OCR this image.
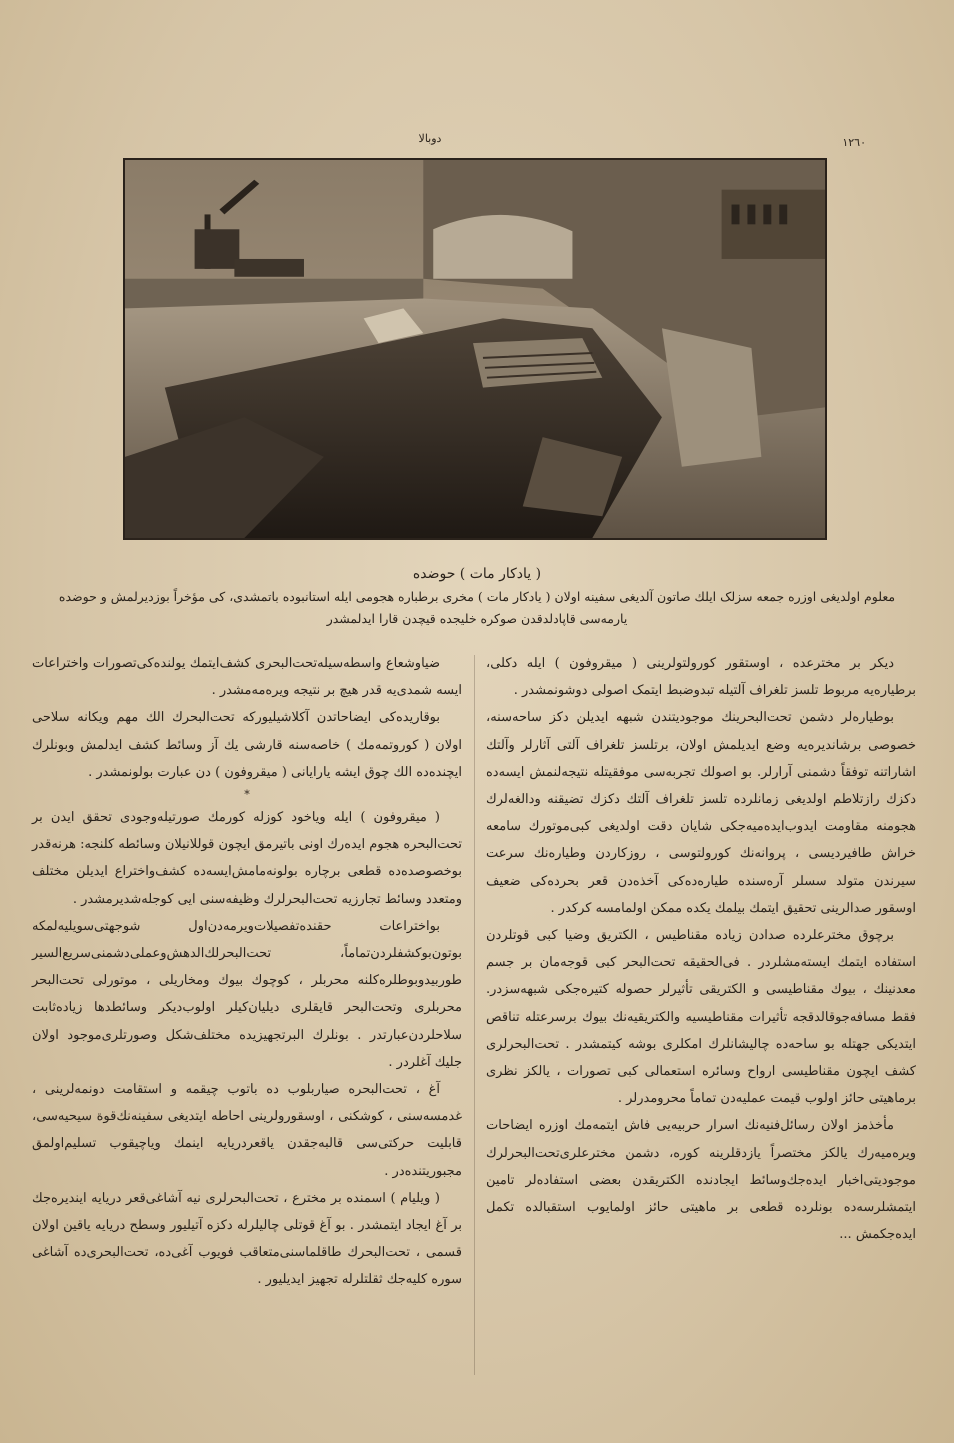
دوبالا	١٢٦٠
( یادکار مات ) حوضده
معلوم اولدیغی اوزره جمعه سزلک ایلك صاتون آلدیغی سفینه اولان ( یادکار مات ) مخری برطباره هجومی ایله استانبوده باتمشدی، کی مؤخراً بوزدیرلمش و حوضده یارمه‌سی قاپادلدقدن صوکره خلیجده قیچدن قارا ایدلمشدر

دیکر بر مخترعده ، اوستقور کورولتولرینی ( میقروفون ) ایله دکلی، برطیاره‌یه مربوط تلسز تلغراف آلتیله تبدوضبط ایتمک اصولی دوشونمشدر .

بوطیاره‌لر دشمن تحت‌البحرینك موجودیتندن شبهه ایدیلن دکز ساحه‌سنه، خصوصی برشاندیره‌یه وضع ایدیلمش اولان، برتلسز تلغراف آلتی آثارلر وآلتك اشاراتنه توفقاً دشمنی آرارلر. بو اصولك تجربه‌سی موفقیتله نتیجه‌لنمش ایسه‌ده دکزك رازتلاطم اولدیغی زمانلرده تلسز تلغراف آلتك دکزك تضیقنه ودالغه‌لرك هجومنه مقاومت ایدوب‌ایده‌میه‌جکی شایان دقت اولدیغی کبی‌موتورك سامعه خراش طافیرديسی ، پروانه‌نك کورولتوسی ، روزکاردن وطیاره‌نك سرعت سیرندن متولد سسلر آره‌سنده طیاره‌ده‌کی آخذه‌دن قعر بحرده‌کی ضعیف اوسقور صدالرینی تحقیق ایتمك بیلمك یکده ممکن اولمامسه کرکدر .

برچوق مخترعلرده صدادن زیاده مقناطیس ، الکتریق وضیا کبی قوتلردن استفاده ایتمك ایسته‌مشلردر . فی‌الحقیقه تحت‌البحر کبی قوجه‌مان بر جسم معدنینك ، بیوك مقناطیسی و الکتریقی تأثیرلر حصوله‌ کتیره‌جکی شبهه‌سزدر. فقط مسافه‌جوقالدقجه تأثیرات مقناطیسیه والکتریقیه‌نك بیوك برسرعتله تناقص ایتدیکی جهتله بو ساحه‌ده چالیشانلرك امکلری بوشه کیتمشدر . تحت‌البحرلری کشف ایچون مقناطیسی ارواح وسائره استعمالی کبی تصورات ، یالکز نظری برماهیتی حائز اولوب قیمت عملیه‌دن تماماً محرومدرلر .

مأخذمز اولان رسائل‌فنیه‌نك اسرار حربیه‌یی فاش ایتمه‌مك اوزره ایضاحات ویره‌میه‌رك یالکز مختصراً یازدقلرینه کوره، دشمن مخترعلری‌تحت‌البحرلرك موجودیتی‌اخبار ایده‌جك‌وسائط ایجادنده الکتریقدن بعضی استفاده‌لر تامین ایتمشلرسه‌ده بونلرده قطعی بر ماهیتی حائز اولمایوب استقبالده تکمل ایده‌جکمش ...

ضیاوشعاع واسطه‌سیله‌تحت‌البحری کشف‌ایتمك یولنده‌کی‌تصورات واختراعات ایسه شمدی‌یه قدر هیچ بر نتیجه ویره‌مه‌مشدر .

بوقاریده‌کی ایضاحاتدن آکلاشیلیورکه تحت‌البحرك الك مهم ویکانه سلاحی اولان ( کوروتمه‌مك ) خاصه‌سنه قارشی یك آز وسائط کشف ایدلمش وبونلرك ایچنده‌ده الك چوق ایشه یارایانی ( میقروفون ) دن عبارت بولونمشدر .

*

( میقروفون ) ایله ویاخود کوزله کورمك صورتیله‌وجودی تحقق ایدن بر تحت‌البحره هجوم ایده‌رك اونی باتیرمق ایچون قوللانیلان وسائطه کلنجه: هرنه‌قدر بوخصوصده‌ده قطعی برچاره بولونه‌مامش‌ایسه‌ده کشف‌واختراع ایدیلن مختلف ومتعدد وسائط تجارزیه تحت‌البحرلرك وظیفه‌سنی ایی کوجله‌شدیرمشدر .

بواختراعات حقنده‌تفصیلات‌ویرمه‌دن‌اول شوجهتی‌سویلیه‌لمکه بوتون‌بوکشفلردن‌تماماً، تحت‌البحرلك‌الدهش‌وعملی‌دشمنی‌سریع‌السیر طوربیدوبوطلره‌کلنه‌ محربلر ، کوچوك بیوك ومخاریلی ، موتورلی تحت‌البحر محربلری وتحت‌البحر قایقلری دیلیان‌کیلر اولوب‌دیکر وسائطدها زیاده‌ثابت سلاحلردن‌عبارتدر . بونلرك البر‌تجهیزیده مختلف‌شکل وصورتلری‌موجود اولان جلیك آغلردر .

آغ ، تحت‌البحره صیاربلوب ده باتوب چیقمه و استقامت دونمه‌لرینی ، غدمسه‌سنی ، کوشکنی ، اوسقورولرینی احاطه ایتدیغی سفینه‌نك‌قوة سیحیه‌سی، قابلیت حرکتی‌سی قالبه‌جقدن یاقعردریایه اینمك ویاچیقوب تسلیم‌اولمق مجبوریتنده‌در .

( ویلیام ) اسمنده بر مخترع ، تحت‌البحرلری نیه آشاغی‌قعر دریایه ایندیره‌جك بر آغ ایجاد ایتمشدر . بو آغ قوتلی چالیلرله دکزه آتیلیور وسطح دریایه یاقین اولان قسمی ، تحت‌البحرك طاقلماسنی‌متعاقب فویوب آغی‌ده، تحت‌البحری‌ده آشاغی سوره‌ کلیه‌جك ثقلتلرله تجهیز ایدیلیور .
